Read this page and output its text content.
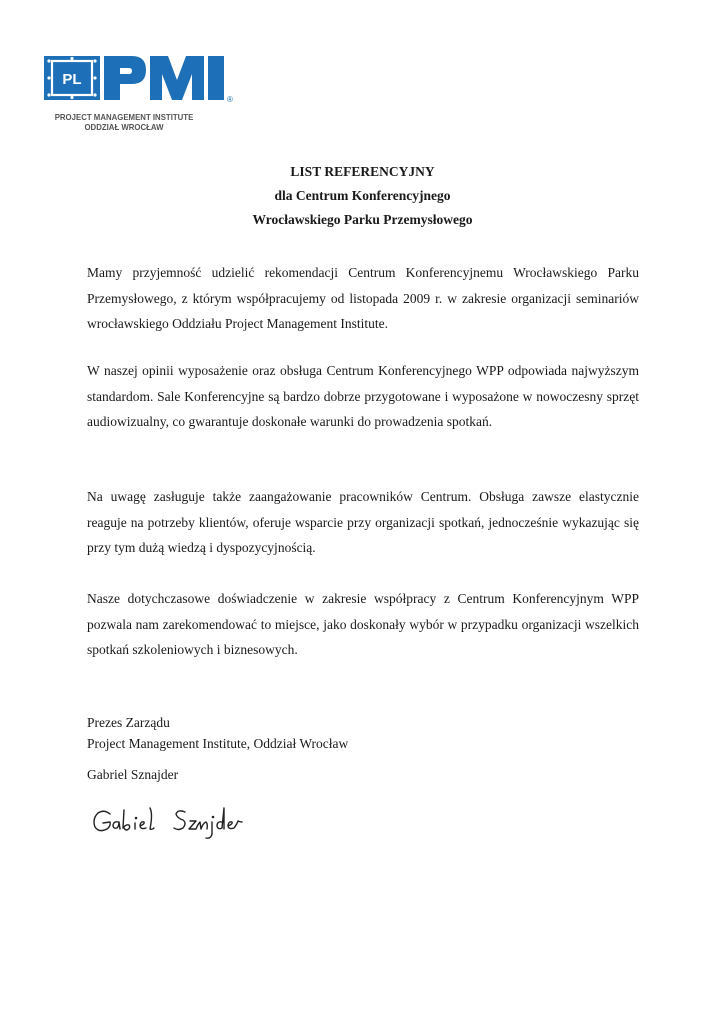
PL
®
PROJECT MANAGEMENT INSTITUTE
ODDZIAŁ WROCŁAW
LIST REFERENCYJNY
dla Centrum Konferencyjnego
Wrocławskiego Parku Przemysłowego

Mamy przyjemność udzielić rekomendacji Centrum Konferencyjnemu Wrocławskiego Parku Przemysłowego, z którym współpracujemy od listopada 2009 r. w zakresie organizacji seminariów wrocławskiego Oddziału Project Management Institute.

W naszej opinii wyposażenie oraz obsługa Centrum Konferencyjnego WPP odpowiada najwyższym standardom. Sale Konferencyjne są bardzo dobrze przygotowane i wyposażone w nowoczesny sprzęt audiowizualny, co gwarantuje doskonałe warunki do prowadzenia spotkań.

Na uwagę zasługuje także zaangażowanie pracowników Centrum. Obsługa zawsze elastycznie reaguje na potrzeby klientów, oferuje wsparcie przy organizacji spotkań, jednocześnie wykazując się przy tym dużą wiedzą i dyspozycyjnością.

Nasze dotychczasowe doświadczenie w zakresie współpracy z Centrum Konferencyjnym WPP pozwala nam zarekomendować to miejsce, jako doskonały wybór w przypadku organizacji wszelkich spotkań szkoleniowych i biznesowych.

Prezes Zarządu

Project Management Institute, Oddział Wrocław

Gabriel Sznajder
